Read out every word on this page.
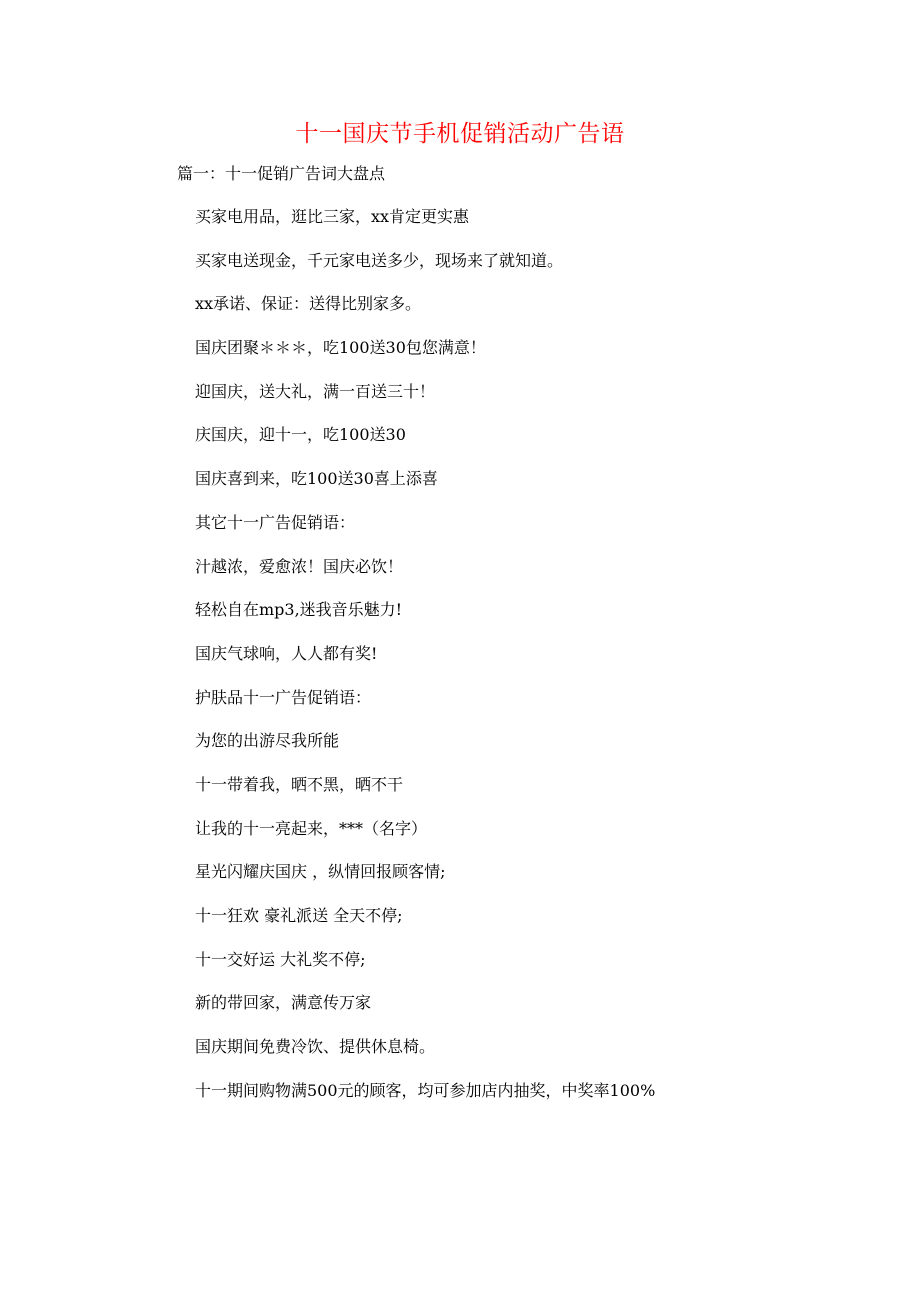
十一国庆节手机促销活动广告语
篇一：十一促销广告词大盘点
买家电用品，逛比三家，xx肯定更实惠
买家电送现金，千元家电送多少，现场来了就知道。
xx承诺、保证：送得比别家多。
国庆团聚＊＊＊，吃100送30包您满意！
迎国庆，送大礼，满一百送三十！
庆国庆，迎十一，吃100送30
国庆喜到来，吃100送30喜上添喜
其它十一广告促销语：
汁越浓，爱愈浓！国庆必饮！
轻松自在mp3,迷我音乐魅力!
国庆气球响，人人都有奖!
护肤品十一广告促销语：
为您的出游尽我所能
十一带着我，晒不黑，晒不干
让我的十一亮起来，***（名字）
星光闪耀庆国庆 ，纵情回报顾客情;
十一狂欢 豪礼派送 全天不停;
十一交好运 大礼奖不停;
新的带回家，满意传万家
国庆期间免费冷饮、提供休息椅。
十一期间购物满500元的顾客，均可参加店内抽奖，中奖率100%
